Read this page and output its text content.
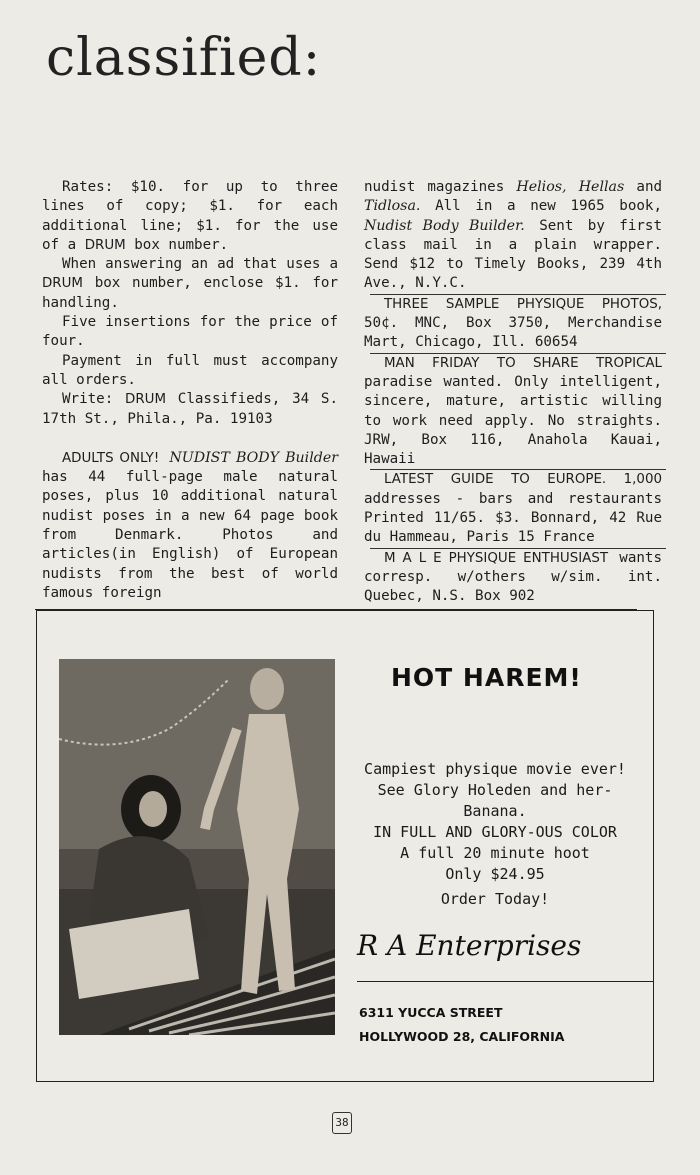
classified:

Rates: $10. for up to three lines of copy; $1. for each additional line; $1. for the use of a DRUM box number.

When answering an ad that uses a DRUM box number, enclose $1. for handling.

Five insertions for the price of four.

Payment in full must accompany all orders.

Write: DRUM Classifieds, 34 S. 17th St., Phila., Pa. 19103

ADULTS ONLY! NUDIST BODY Builder has 44 full-page male natural poses, plus 10 additional natural nudist poses in a new 64 page book from Denmark. Photos and articles(in English) of European nudists from the best of world famous foreign

nudist magazines Helios, Hellas and Tidlosa. All in a new 1965 book, Nudist Body Builder. Sent by first class mail in a plain wrapper. Send $12 to Timely Books, 239 4th Ave., N.Y.C.

THREE SAMPLE PHYSIQUE PHOTOS, 50¢. MNC, Box 3750, Merchandise Mart, Chicago, Ill. 60654

MAN FRIDAY TO SHARE TROPICAL paradise wanted. Only intelligent, sincere, mature, artistic willing to work need apply. No straights. JRW, Box 116, Anahola Kauai, Hawaii

LATEST GUIDE TO EUROPE. 1,000 addresses - bars and restaurants Printed 11/65. $3. Bonnard, 42 Rue du Hammeau, Paris 15 France

M A L E PHYSIQUE ENTHUSIAST wants corresp. w/others w/sim. int. Quebec, N.S. Box 902

HOT HAREM!
Campiest physique movie ever!
See Glory Holeden and her-Banana.
IN FULL AND GLORY-OUS COLOR
A full 20 minute hoot
Only $24.95
Order Today!
R A Enterprises
6311 YUCCA STREET
HOLLYWOOD 28, CALIFORNIA
38
